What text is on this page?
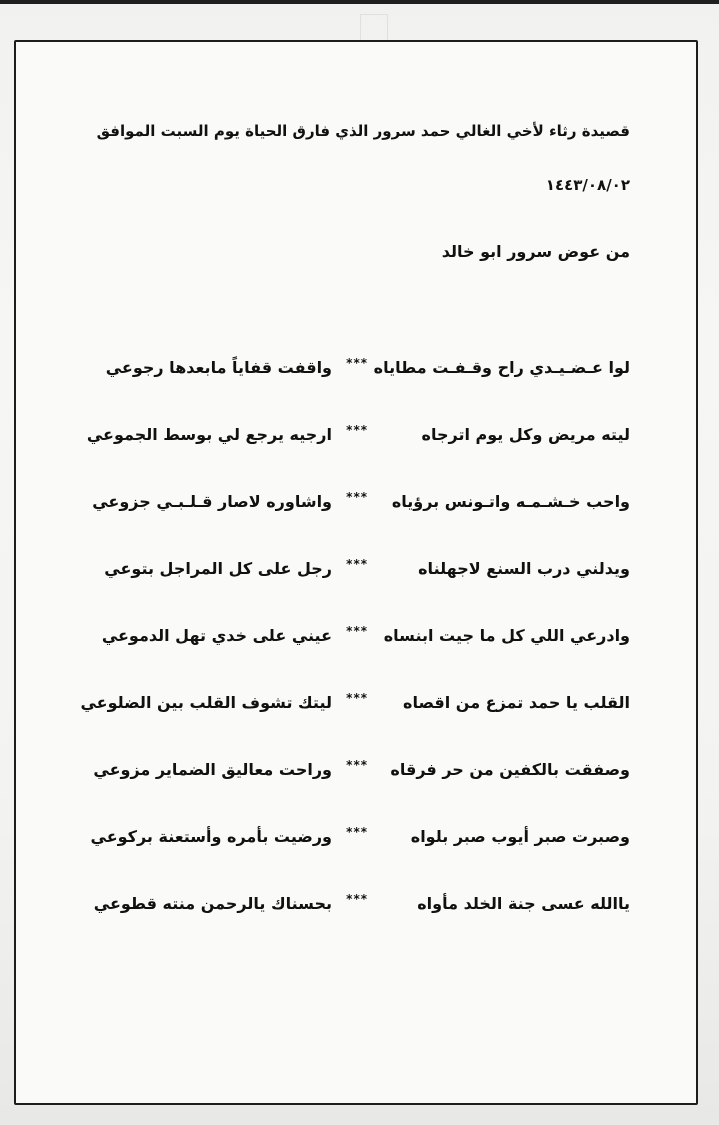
قصيدة رثاء لأخي الغالي حمد سرور الذي فارق الحياة يوم السبت الموافق
١٤٤٣/٠٨/٠٢
من عوض سرور ابو خالد
لوا عـضـيـدي راح وقـفـت مطاياه
***
واقفت قفاياً مابعدها رجوعي
ليته مريض وكل يوم اترجاه
***
ارجيه يرجع لي بوسط الجموعي
واحب خـشـمـه واتـونس برؤياه
***
واشاوره لاصار قـلـبـي جزوعي
ويدلني درب السنع لاجهلناه
***
رجل على كل المراجل بتوعي
وادرعي اللي كل ما جيت ابنساه
***
عيني على خدي تهل الدموعي
القلب يا حمد تمزع من اقصاه
***
ليتك تشوف القلب بين الضلوعي
وصفقت بالكفين من حر فرقاه
***
وراحت معاليق الضماير مزوعي
وصبرت صبر أيوب صبر بلواه
***
ورضيت بأمره وأستعنة بركوعي
ياالله عسى جنة الخلد مأواه
***
بحسناك يالرحمن منته قطوعي
